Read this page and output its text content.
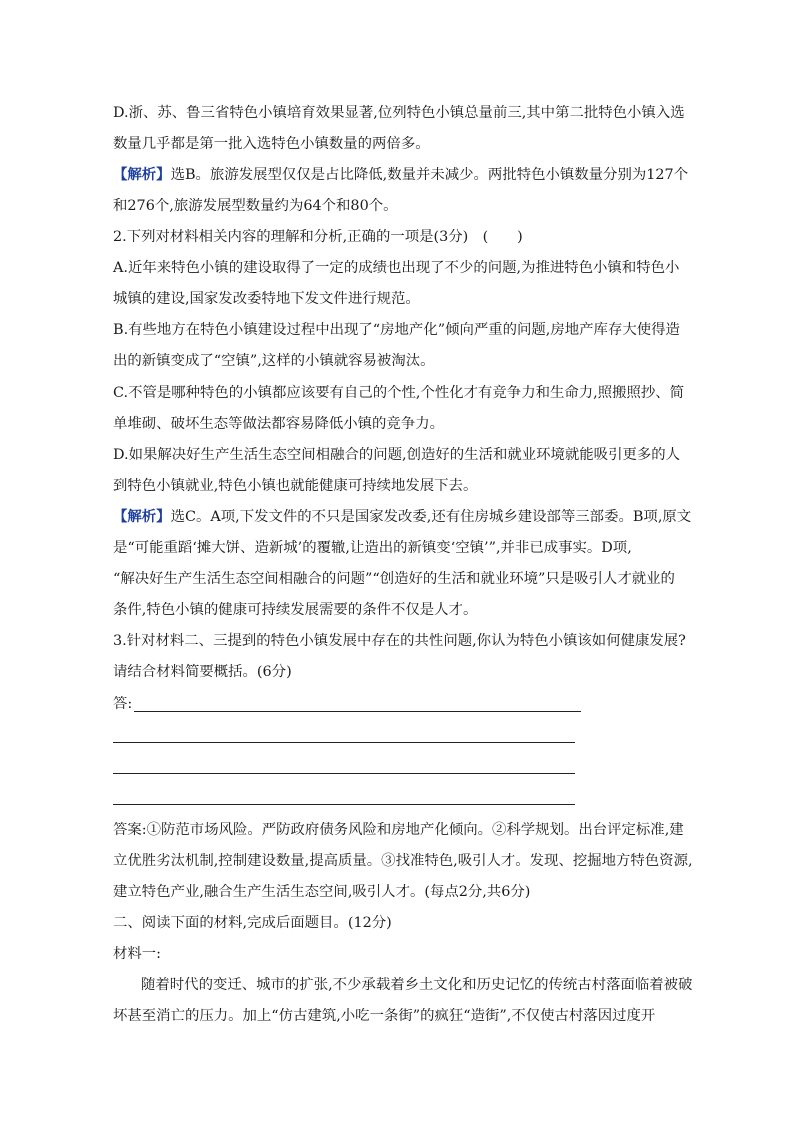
D.浙、苏、鲁三省特色小镇培育效果显著,位列特色小镇总量前三,其中第二批特色小镇入选
数量几乎都是第一批入选特色小镇数量的两倍多。
【解析】选B。旅游发展型仅仅是占比降低,数量并未减少。两批特色小镇数量分别为127个
和276个,旅游发展型数量约为64个和80个。
2.下列对材料相关内容的理解和分析,正确的一项是(3分)　(　　)
A.近年来特色小镇的建设取得了一定的成绩也出现了不少的问题,为推进特色小镇和特色小
城镇的建设,国家发改委特地下发文件进行规范。
B.有些地方在特色小镇建设过程中出现了“房地产化”倾向严重的问题,房地产库存大使得造
出的新镇变成了“空镇”,这样的小镇就容易被淘汰。
C.不管是哪种特色的小镇都应该要有自己的个性,个性化才有竞争力和生命力,照搬照抄、简
单堆砌、破坏生态等做法都容易降低小镇的竞争力。
D.如果解决好生产生活生态空间相融合的问题,创造好的生活和就业环境就能吸引更多的人
到特色小镇就业,特色小镇也就能健康可持续地发展下去。
【解析】选C。A项,下发文件的不只是国家发改委,还有住房城乡建设部等三部委。B项,原文
是“可能重蹈‘摊大饼、造新城’的覆辙,让造出的新镇变‘空镇’”,并非已成事实。D项,
“解决好生产生活生态空间相融合的问题”“创造好的生活和就业环境”只是吸引人才就业的
条件,特色小镇的健康可持续发展需要的条件不仅是人才。
3.针对材料二、三提到的特色小镇发展中存在的共性问题,你认为特色小镇该如何健康发展?
请结合材料简要概括。(6分)
答:
答案:①防范市场风险。严防政府债务风险和房地产化倾向。②科学规划。出台评定标准,建
立优胜劣汰机制,控制建设数量,提高质量。③找准特色,吸引人才。发现、挖掘地方特色资源,
建立特色产业,融合生产生活生态空间,吸引人才。(每点2分,共6分)
二、阅读下面的材料,完成后面题目。(12分)
材料一:
随着时代的变迁、城市的扩张,不少承载着乡土文化和历史记忆的传统古村落面临着被破
坏甚至消亡的压力。加上“仿古建筑,小吃一条街”的疯狂“造街”,不仅使古村落因过度开
